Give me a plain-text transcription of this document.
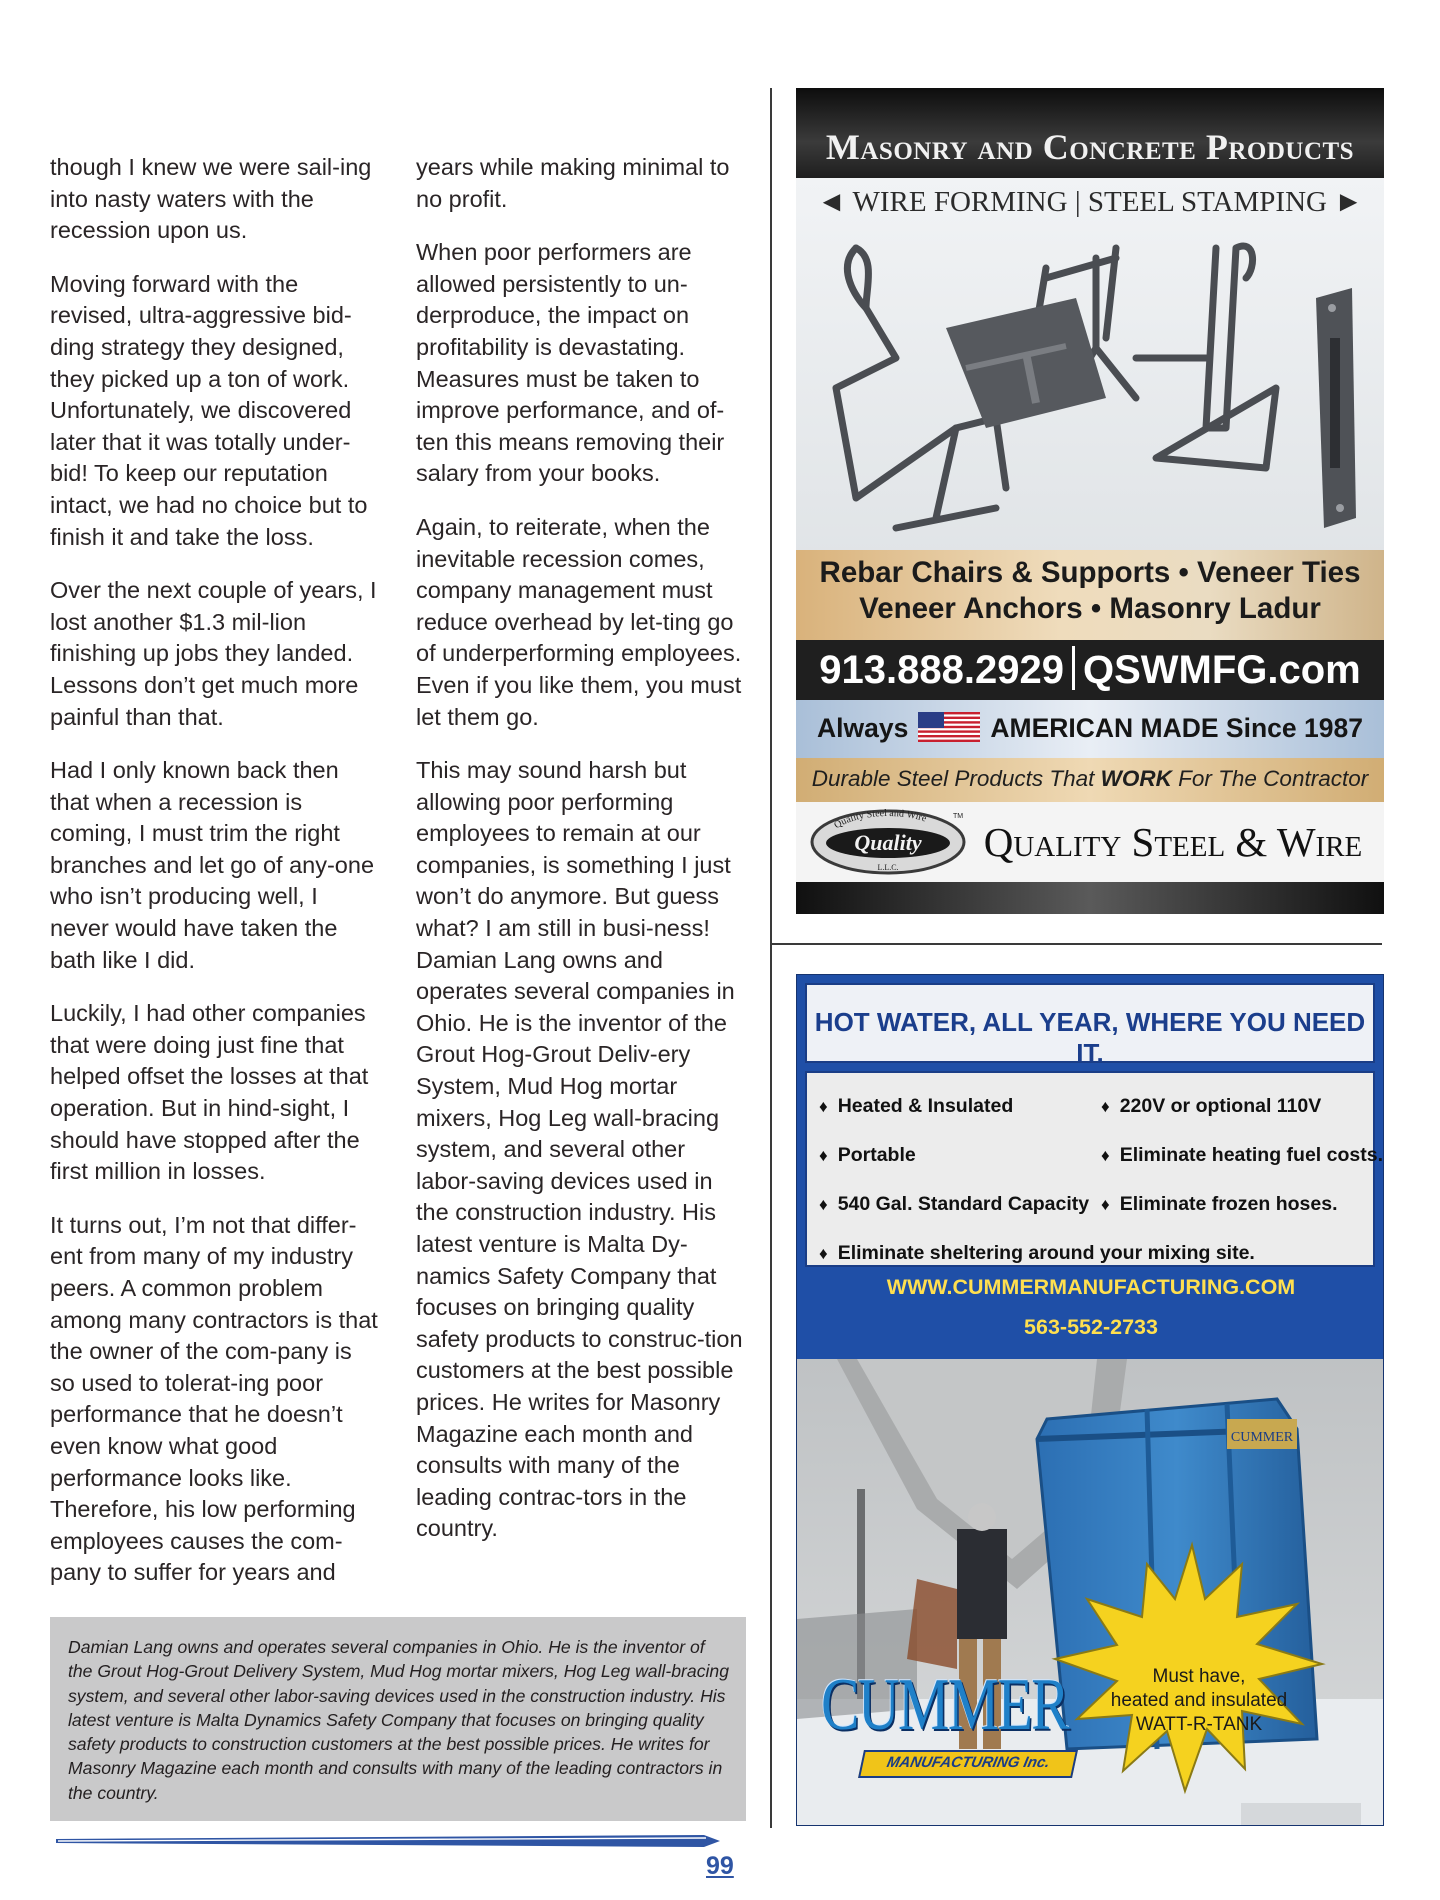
though I knew we were sail-ing into nasty waters with the recession upon us.

Moving forward with the revised, ultra-aggressive bid-ding strategy they designed, they picked up a ton of work. Unfortunately, we discovered later that it was totally under-bid! To keep our reputation intact, we had no choice but to finish it and take the loss.

Over the next couple of years, I lost another $1.3 mil-lion finishing up jobs they landed. Lessons don’t get much more painful than that.

Had I only known back then that when a recession is coming, I must trim the right branches and let go of any-one who isn’t producing well, I never would have taken the bath like I did.

Luckily, I had other companies that were doing just fine that helped offset the losses at that operation. But in hind-sight, I should have stopped after the first million in losses.

It turns out, I’m not that differ-ent from many of my industry peers. A common problem among many contractors is that the owner of the com-pany is so used to tolerat-ing poor performance that he doesn’t even know what good performance looks like. Therefore, his low performing employees causes the com-pany to suffer for years and

years while making minimal to no profit.

When poor performers are allowed persistently to un-derproduce, the impact on profitability is devastating. Measures must be taken to improve performance, and of-ten this means removing their salary from your books.

Again, to reiterate, when the inevitable recession comes, company management must reduce overhead by let-ting go of underperforming employees. Even if you like them, you must let them go.

This may sound harsh but allowing poor performing employees to remain at our companies, is something I just won’t do anymore. But guess what? I am still in busi-ness! Damian Lang owns and operates several companies in Ohio. He is the inventor of the Grout Hog-Grout Deliv-ery System, Mud Hog mortar mixers, Hog Leg wall-bracing system, and several other labor-saving devices used in the construction industry. His latest venture is Malta Dy-namics Safety Company that focuses on bringing quality safety products to construc-tion customers at the best possible prices. He writes for Masonry Magazine each month and consults with many of the leading contrac-tors in the country.

Damian Lang owns and operates several companies in Ohio. He is the inventor of the Grout Hog-Grout Delivery System, Mud Hog mortar mixers, Hog Leg wall-bracing system, and several other labor-saving devices used in the construction industry. His latest venture is Malta Dynamics Safety Company that focuses on bringing quality safety products to construction customers at the best possible prices. He writes for Masonry Magazine each month and consults with many of the leading contractors in the country.
99
Masonry and Concrete Products
◄ WIRE FORMING | STEEL STAMPING ►
Rebar Chairs & Supports • Veneer Ties
Veneer Anchors • Masonry Ladur
913.888.2929 QSWMFG.com
Always	AMERICAN MADE Since 1987
Durable Steel Products That WORK For The Contractor
Quality Steel and Wire
Quality
L.L.C.
TM
Quality Steel & Wire
HOT WATER, ALL YEAR, WHERE YOU NEED IT.
♦ Heated & Insulated	♦ 220V or optional 110V
♦ Portable	♦ Eliminate heating fuel costs.
♦ 540 Gal. Standard Capacity ♦ Eliminate frozen hoses.
♦ Eliminate sheltering around your mixing site.
WWW.CUMMERMANUFACTURING.COM
563-552-2733
CUMMER
Must have,
heated and insulated
WATT-R-TANK
CUMMER
MANUFACTURING Inc.
